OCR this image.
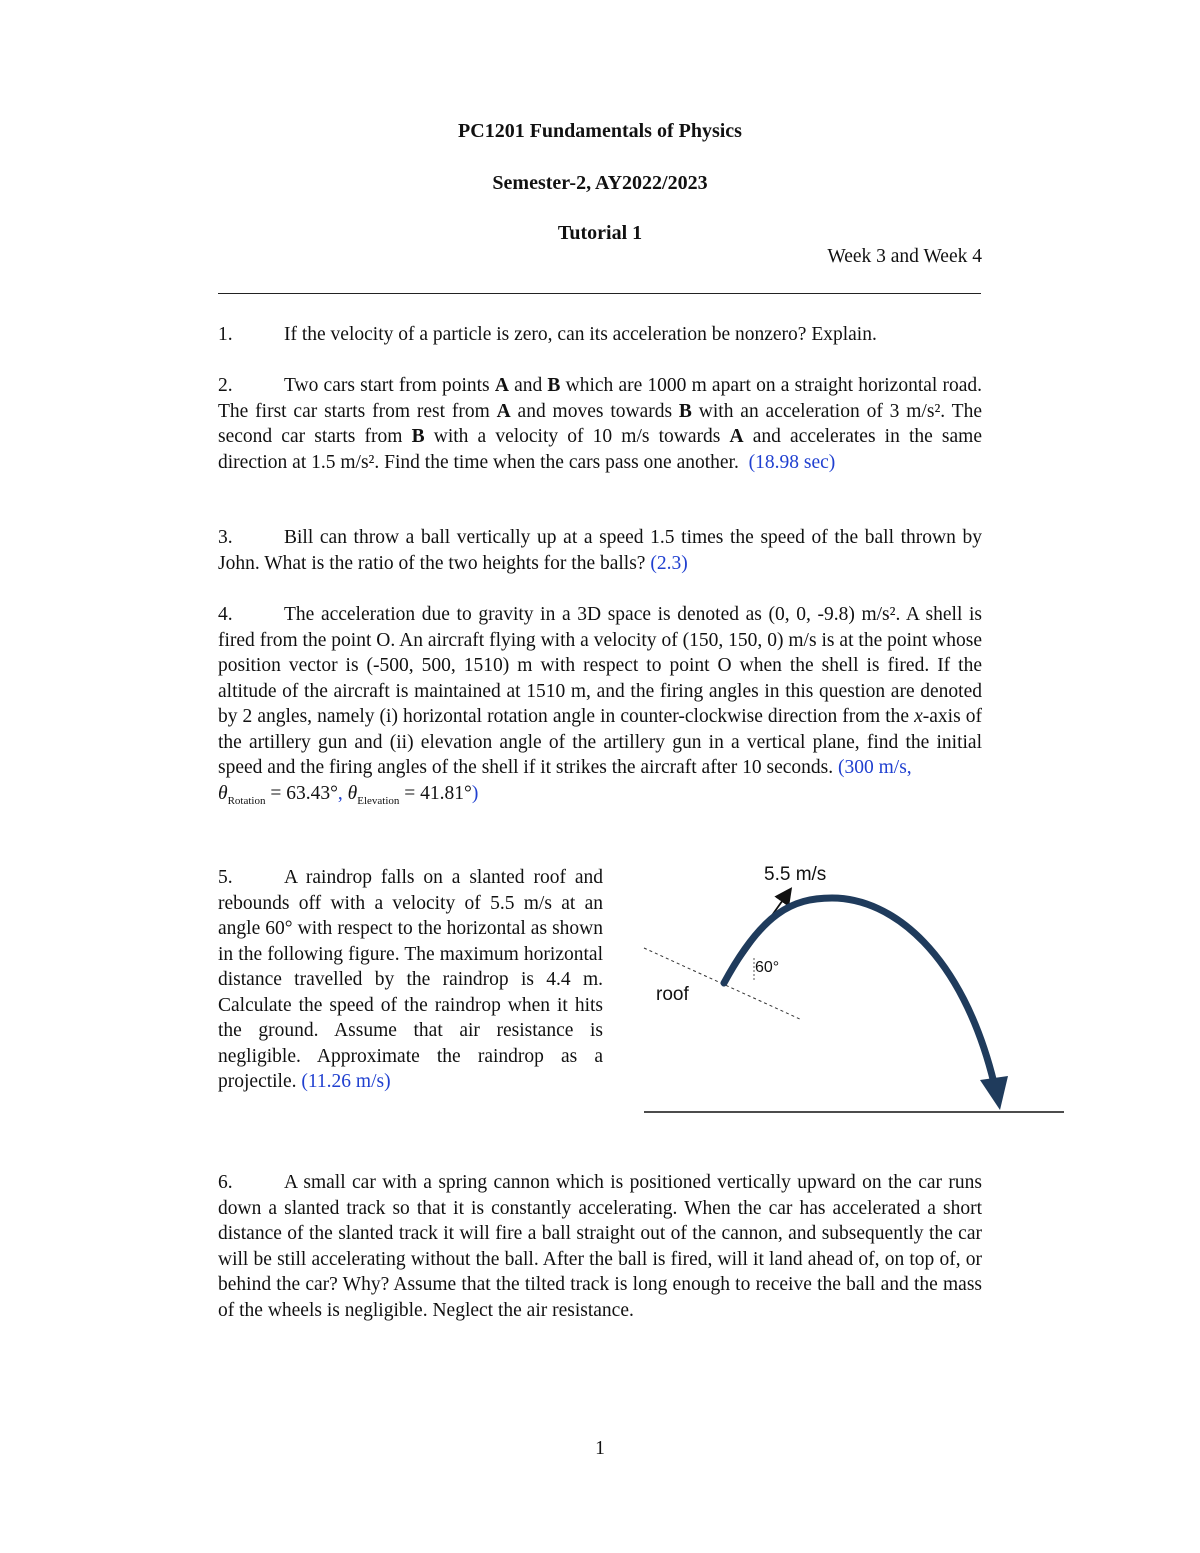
PC1201 Fundamentals of Physics
Semester-2, AY2022/2023
Tutorial 1
Week 3 and Week 4
1.	If the velocity of a particle is zero, can its acceleration be nonzero? Explain.
2.	Two cars start from points A and B which are 1000 m apart on a straight horizontal road. The first car starts from rest from A and moves towards B with an acceleration of 3 m/s². The second car starts from B with a velocity of 10 m/s towards A and accelerates in the same direction at 1.5 m/s². Find the time when the cars pass one another. (18.98 sec)
3.	Bill can throw a ball vertically up at a speed 1.5 times the speed of the ball thrown by John. What is the ratio of the two heights for the balls? (2.3)
4.	The acceleration due to gravity in a 3D space is denoted as (0, 0, -9.8) m/s². A shell is fired from the point O. An aircraft flying with a velocity of (150, 150, 0) m/s is at the point whose position vector is (-500, 500, 1510) m with respect to point O when the shell is fired. If the altitude of the aircraft is maintained at 1510 m, and the firing angles in this question are denoted by 2 angles, namely (i) horizontal rotation angle in counter-clockwise direction from the x-axis of the artillery gun and (ii) elevation angle of the artillery gun in a vertical plane, find the initial speed and the firing angles of the shell if it strikes the aircraft after 10 seconds. (300 m/s,
$\theta_{Rotation} = 63.43^\circ$, $\theta_{Elevation} = 41.81^\circ$)
5.	A raindrop falls on a slanted roof and rebounds off with a velocity of 5.5 m/s at an angle 60° with respect to the horizontal as shown in the following figure. The maximum horizontal distance travelled by the raindrop is 4.4 m. Calculate the speed of the raindrop when it hits the ground. Assume that air resistance is negligible. Approximate the raindrop as a projectile. (11.26 m/s)
5.5 m/s
60°
roof
6.	A small car with a spring cannon which is positioned vertically upward on the car runs down a slanted track so that it is constantly accelerating. When the car has accelerated a short distance of the slanted track it will fire a ball straight out of the cannon, and subsequently the car will be still accelerating without the ball. After the ball is fired, will it land ahead of, on top of, or behind the car? Why? Assume that the tilted track is long enough to receive the ball and the mass of the wheels is negligible. Neglect the air resistance.
1
